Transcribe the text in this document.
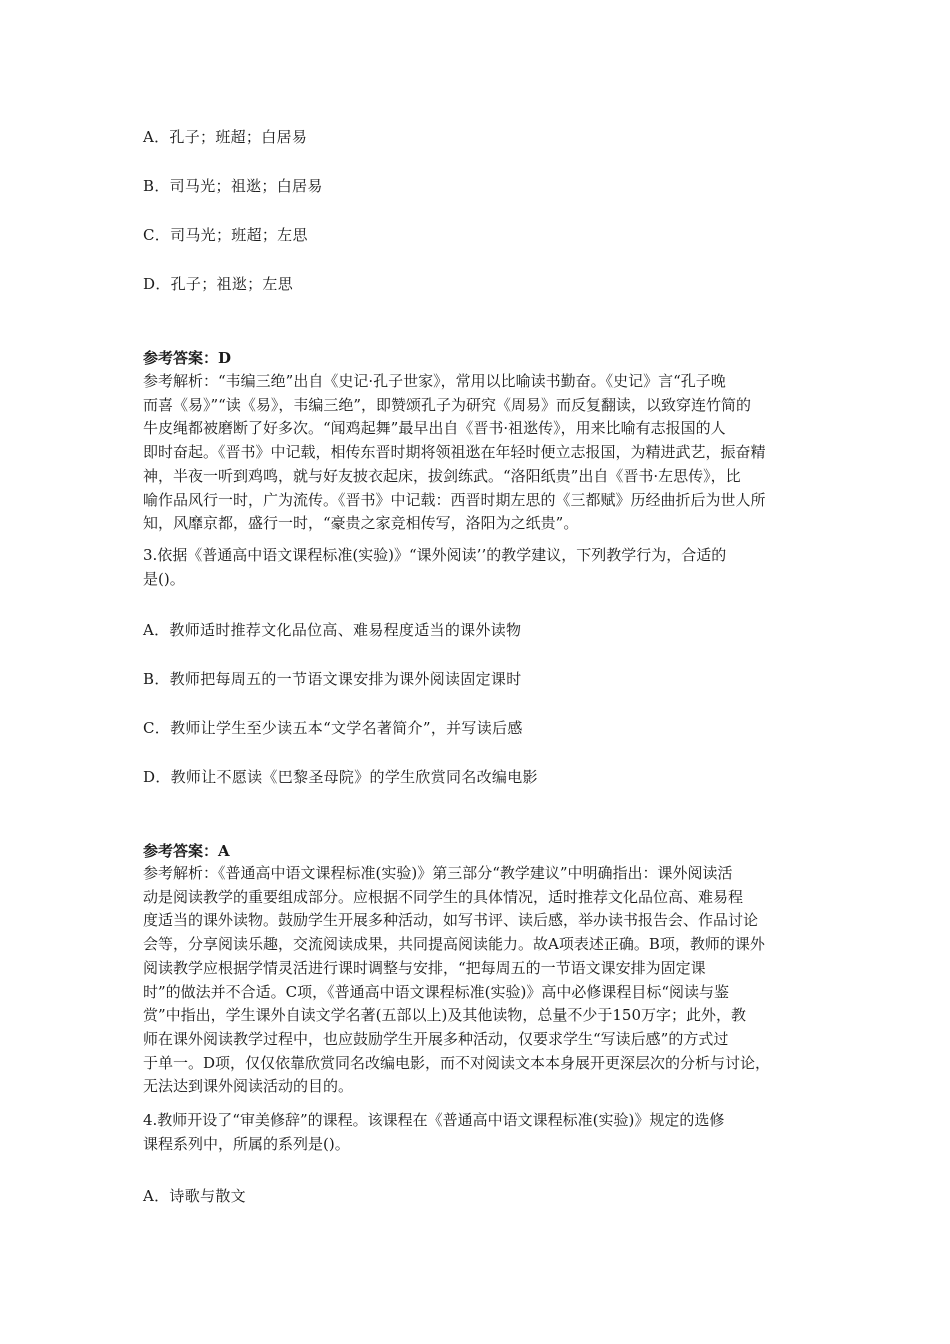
A．孔子；班超；白居易
B．司马光；祖逖；白居易
C．司马光；班超；左思
D．孔子；祖逖；左思
参考答案：D
参考解析：“韦编三绝”出自《史记·孔子世家》，常用以比喻读书勤奋。《史记》言“孔子晚
而喜《易》”“读《易》，韦编三绝”，即赞颂孔子为研究《周易》而反复翻读，以致穿连竹简的
牛皮绳都被磨断了好多次。“闻鸡起舞”最早出自《晋书·祖逖传》，用来比喻有志报国的人
即时奋起。《晋书》中记载，相传东晋时期将领祖逖在年轻时便立志报国，为精进武艺，振奋精
神，半夜一听到鸡鸣，就与好友披衣起床，拔剑练武。“洛阳纸贵”出自《晋书·左思传》，比
喻作品风行一时，广为流传。《晋书》中记载：西晋时期左思的《三都赋》历经曲折后为世人所
知，风靡京都，盛行一时，“豪贵之家竞相传写，洛阳为之纸贵”。
3.依据《普通高中语文课程标准(实验)》“课外阅读’’的教学建议，下列教学行为，合适的
是()。
A．教师适时推荐文化品位高、难易程度适当的课外读物
B．教师把每周五的一节语文课安排为课外阅读固定课时
C．教师让学生至少读五本“文学名著简介”，并写读后感
D．教师让不愿读《巴黎圣母院》的学生欣赏同名改编电影
参考答案：A
参考解析：《普通高中语文课程标准(实验)》第三部分“教学建议”中明确指出：课外阅读活
动是阅读教学的重要组成部分。应根据不同学生的具体情况，适时推荐文化品位高、难易程
度适当的课外读物。鼓励学生开展多种活动，如写书评、读后感，举办读书报告会、作品讨论
会等，分享阅读乐趣，交流阅读成果，共同提高阅读能力。故A项表述正确。B项，教师的课外
阅读教学应根据学情灵活进行课时调整与安排，“把每周五的一节语文课安排为固定课
时”的做法并不合适。C项，《普通高中语文课程标准(实验)》高中必修课程目标“阅读与鉴
赏”中指出，学生课外自读文学名著(五部以上)及其他读物，总量不少于150万字；此外，教
师在课外阅读教学过程中，也应鼓励学生开展多种活动，仅要求学生“写读后感”的方式过
于单一。D项，仅仅依靠欣赏同名改编电影，而不对阅读文本本身展开更深层次的分析与讨论，
无法达到课外阅读活动的目的。
4.教师开设了“审美修辞”的课程。该课程在《普通高中语文课程标准(实验)》规定的选修
课程系列中，所属的系列是()。
A．诗歌与散文
